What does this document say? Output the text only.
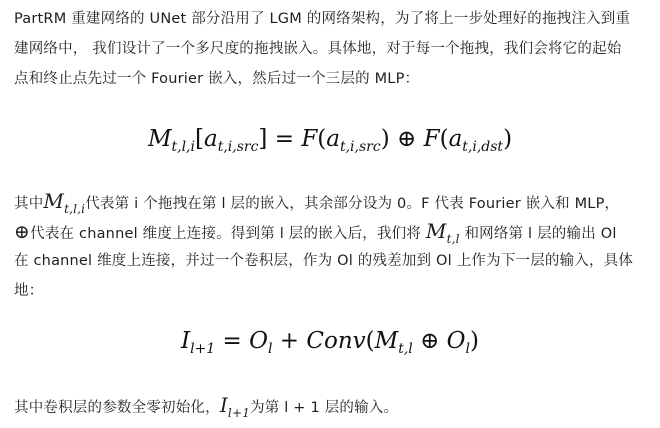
PartRM 重建网络的 UNet 部分沿用了 LGM 的网络架构，为了将上一步处理好的拖拽注入到重
建网络中， 我们设计了一个多尺度的拖拽嵌入。具体地，对于每一个拖拽，我们会将它的起始
点和终止点先过一个 Fourier 嵌入，然后过一个三层的 MLP：
$M_{t,l,i}[a_{t,i,src}] = F(a_{t,i,src})$ ⊕ $F(a_{t,i,dst})$
其中$M_{t,l,i}$代表第 i 个拖拽在第 l 层的嵌入，其余部分设为 0。F 代表 Fourier 嵌入和 MLP，
⊕代表在 channel 维度上连接。得到第 l 层的嵌入后，我们将 $M_{t,l}$ 和网络第 l 层的输出 Ol
在 channel 维度上连接，并过一个卷积层，作为 Ol 的残差加到 Ol 上作为下一层的输入，具体
地：
$I_{l+1} = O_l$ + $Conv(M_{t,l}$ ⊕ $O_l$)
其中卷积层的参数全零初始化，$I_{l+1}$为第 l + 1 层的输入。
